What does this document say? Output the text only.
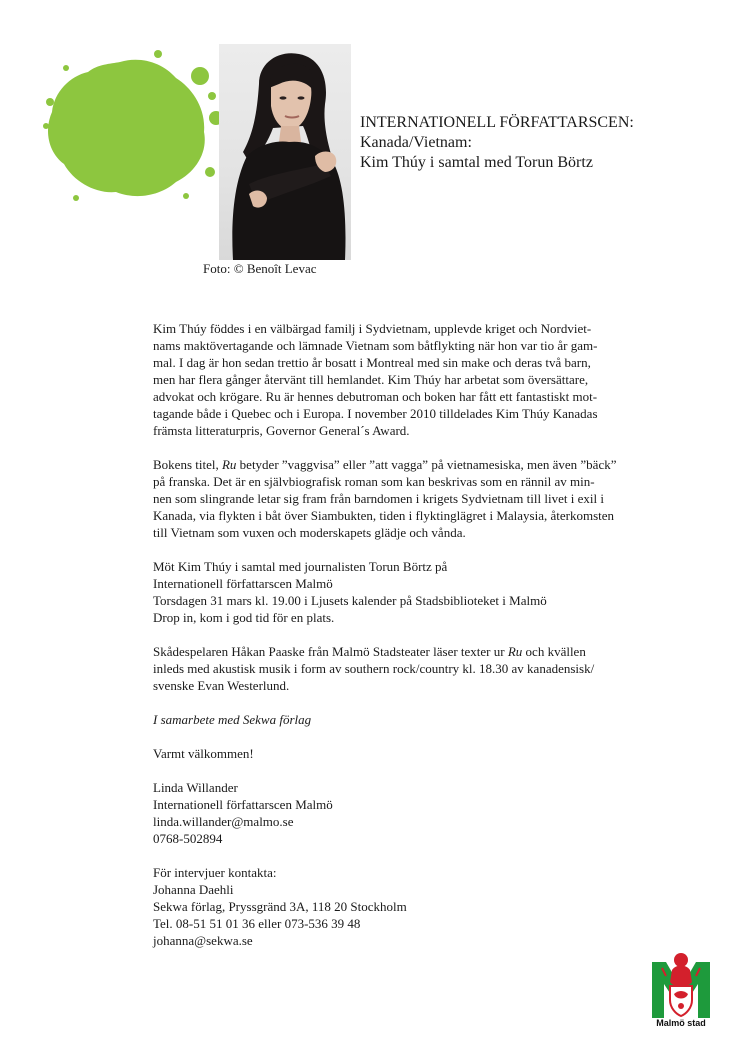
Foto: © Benoît Levac
INTERNATIONELL FÖRFATTARSCEN:
Kanada/Vietnam:
Kim Thúy i samtal med Torun Börtz
Kim Thúy föddes i en välbärgad familj i Sydvietnam, upplevde kriget och Nordviet-
nams maktövertagande och lämnade Vietnam som båtflykting när hon var tio år gam-
mal. I dag är hon sedan trettio år bosatt i Montreal med sin make och deras två barn,
men har flera gånger återvänt till hemlandet. Kim Thúy har arbetat som översättare,
advokat och krögare. Ru är hennes debutroman och boken har fått ett fantastiskt mot-
tagande både i Quebec och i Europa. I november 2010 tilldelades Kim Thúy Kanadas
främsta litteraturpris, Governor General´s Award.
Bokens titel, Ru betyder ”vaggvisa” eller ”att vagga” på vietnamesiska, men även ”bäck”
på franska. Det är en självbiografisk roman som kan beskrivas som en rännil av min-
nen som slingrande letar sig fram från barndomen i krigets Sydvietnam till livet i exil i
Kanada, via flykten i båt över Siambukten, tiden i flyktinglägret i Malaysia, återkomsten
till Vietnam som vuxen och moderskapets glädje och vånda.
Möt Kim Thúy i samtal med journalisten Torun Börtz på
Internationell författarscen Malmö
Torsdagen 31 mars kl. 19.00 i Ljusets kalender på Stadsbiblioteket i Malmö
Drop in, kom i god tid för en plats.
Skådespelaren Håkan Paaske från Malmö Stadsteater läser texter ur Ru och kvällen
inleds med akustisk musik i form av southern rock/country kl. 18.30 av kanadensisk/
svenske Evan Westerlund.
I samarbete med Sekwa förlag
Varmt välkommen!
Linda Willander
Internationell författarscen Malmö
linda.willander@malmo.se
0768-502894
För intervjuer kontakta:
Johanna Daehli
Sekwa förlag, Pryssgränd 3A, 118 20 Stockholm
Tel. 08-51 51 01 36 eller 073-536 39 48
johanna@sekwa.se
Malmö stad
